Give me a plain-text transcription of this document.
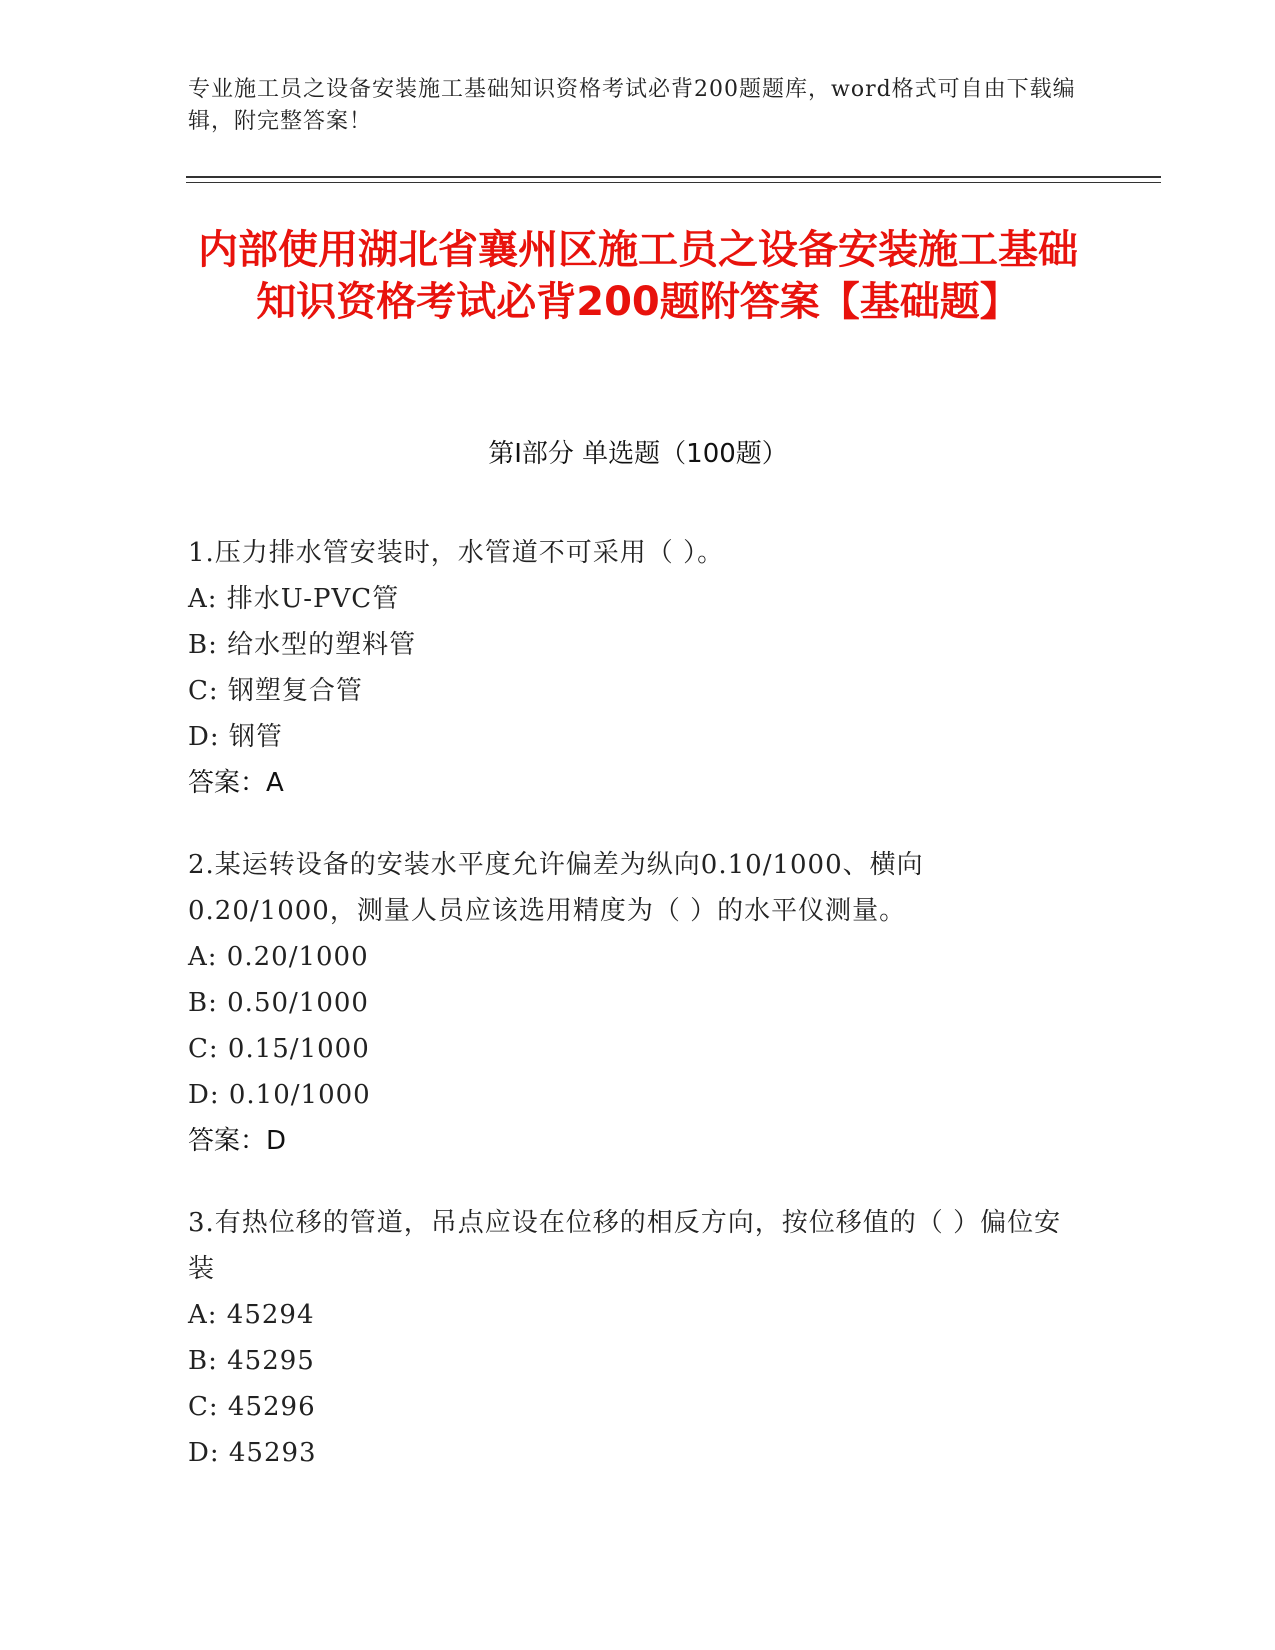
专业施工员之设备安装施工基础知识资格考试必背200题题库，word格式可自由下载编辑，附完整答案！
内部使用湖北省襄州区施工员之设备安装施工基础知识资格考试必背200题附答案【基础题】
第I部分 单选题（100题）
1.压力排水管安装时，水管道不可采用（ ）。
A: 排水U-PVC管
B: 给水型的塑料管
C: 钢塑复合管
D: 钢管
答案：A
2.某运转设备的安装水平度允许偏差为纵向0.10/1000、横向0.20/1000，测量人员应该选用精度为（ ）的水平仪测量。
A: 0.20/1000
B: 0.50/1000
C: 0.15/1000
D: 0.10/1000
答案：D
3.有热位移的管道，吊点应设在位移的相反方向，按位移值的（ ）偏位安装
A: 45294
B: 45295
C: 45296
D: 45293
